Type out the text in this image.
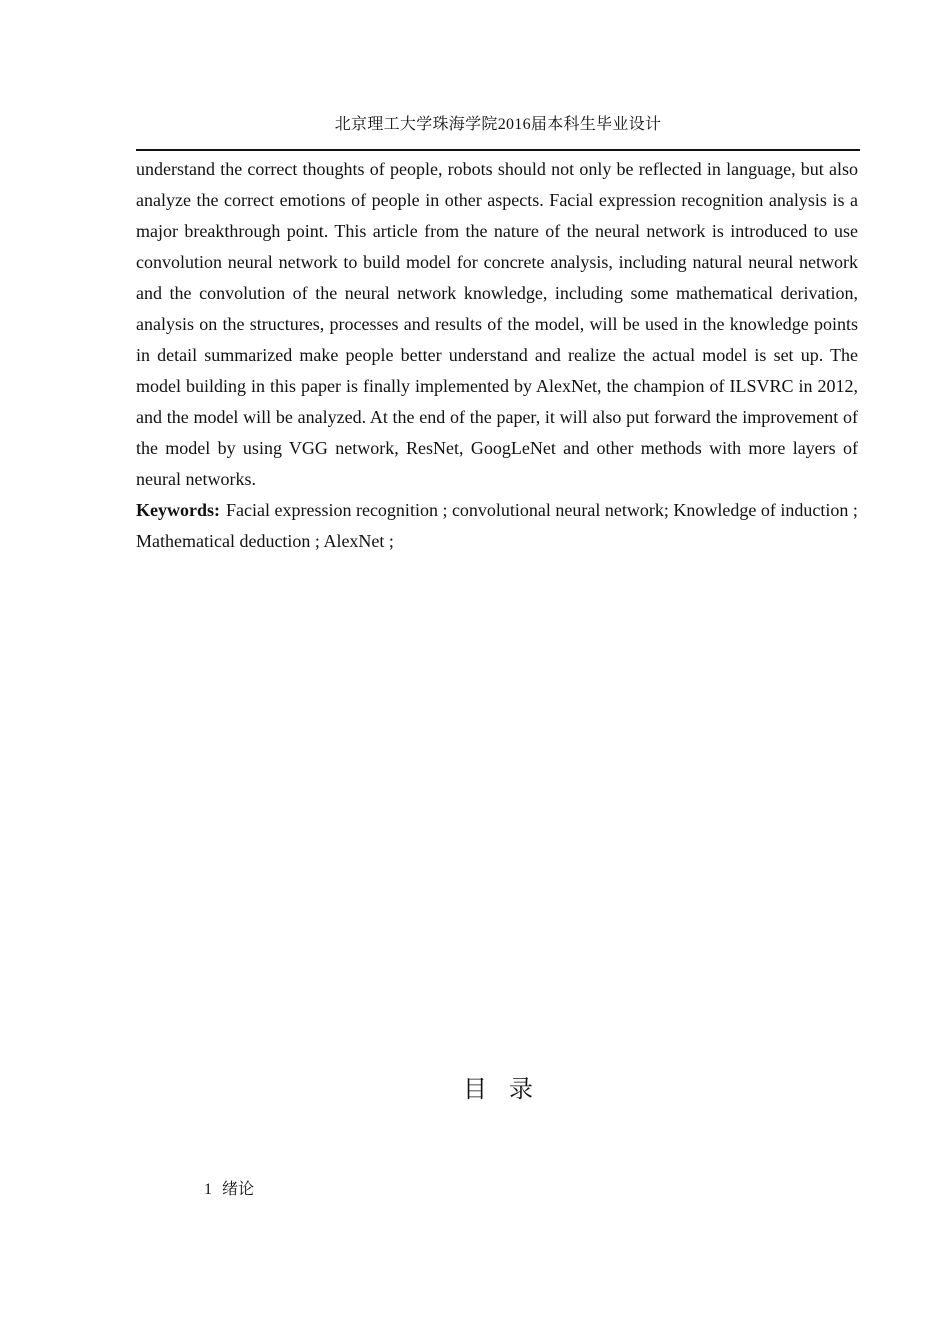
北京理工大学珠海学院2016届本科生毕业设计

understand the correct thoughts of people, robots should not only be reflected in language, but also analyze the correct emotions of people in other aspects. Facial expression recognition analysis is a major breakthrough point. This article from the nature of the neural network is introduced to use convolution neural network to build model for concrete analysis, including natural neural network and the convolution of the neural network knowledge, including some mathematical derivation, analysis on the structures, processes and results of the model, will be used in the knowledge points in detail summarized make people better understand and realize the actual model is set up. The model building in this paper is finally implemented by AlexNet, the champion of ILSVRC in 2012, and the model will be analyzed. At the end of the paper, it will also put forward the improvement of the model by using VGG network, ResNet, GoogLeNet and other methods with more layers of neural networks.

Keywords: Facial expression recognition ; convolutional neural network; Knowledge of induction ; Mathematical deduction ; AlexNet ;

目录
1 绪论
